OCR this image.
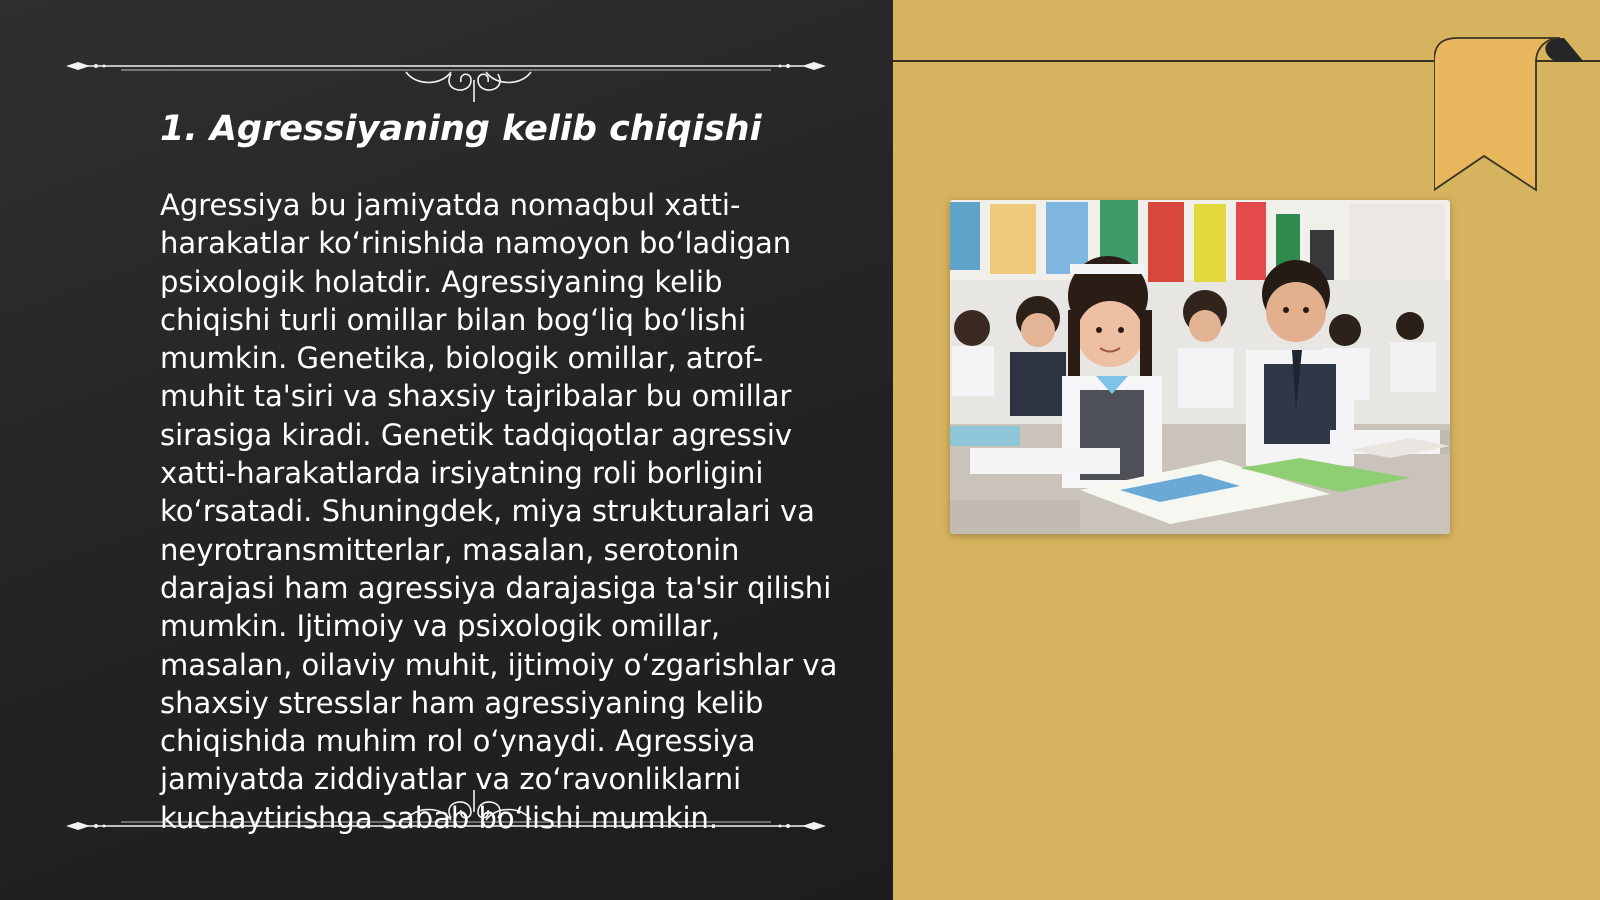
1. Agressiyaning kelib chiqishi

Agressiya bu jamiyatda nomaqbul xatti-harakatlar ko‘rinishida namoyon bo‘ladigan psixologik holatdir. Agressiyaning kelib chiqishi turli omillar bilan bog‘liq bo‘lishi mumkin. Genetika, biologik omillar, atrof-muhit ta'siri va shaxsiy tajribalar bu omillar sirasiga kiradi. Genetik tadqiqotlar agressiv xatti-harakatlarda irsiyatning roli borligini ko‘rsatadi. Shuningdek, miya strukturalari va neyrotransmitterlar, masalan, serotonin darajasi ham agressiya darajasiga ta'sir qilishi mumkin. Ijtimoiy va psixologik omillar, masalan, oilaviy muhit, ijtimoiy o‘zgarishlar va shaxsiy stresslar ham agressiyaning kelib chiqishida muhim rol o‘ynaydi. Agressiya jamiyatda ziddiyatlar va zo‘ravonliklarni kuchaytirishga sabab bo‘lishi mumkin.
